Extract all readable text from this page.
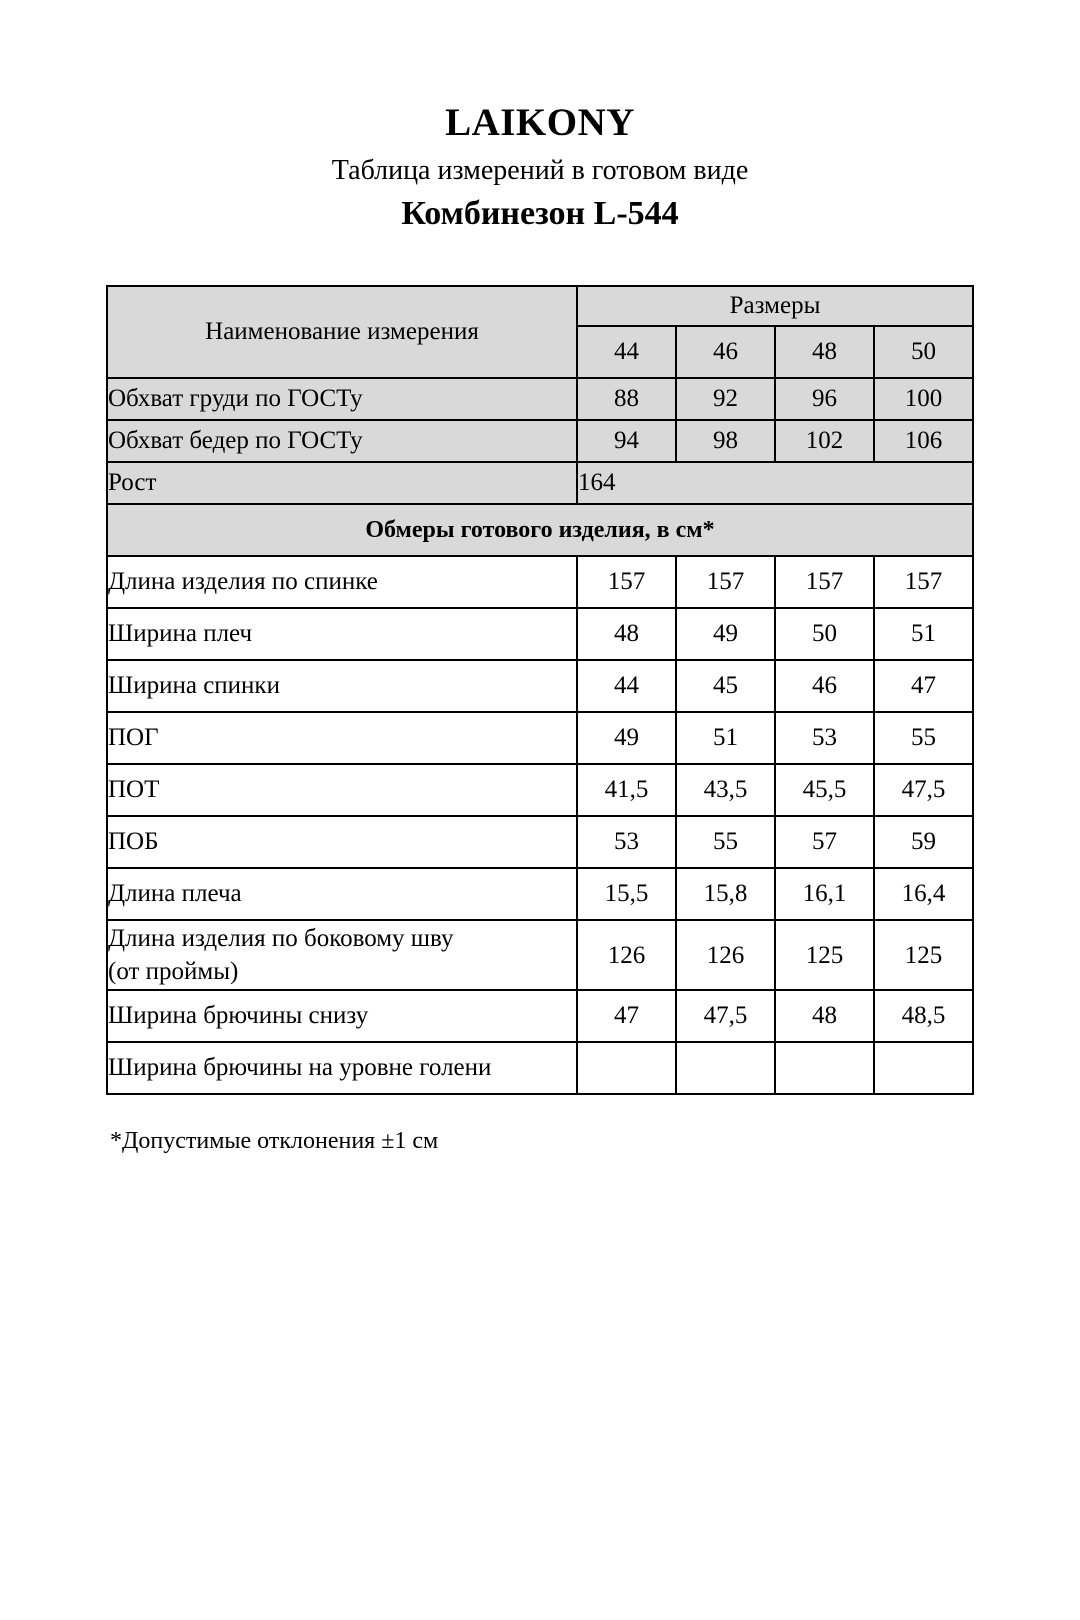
LAIKONY
Таблица измерений в готовом виде
Комбинезон L-544
Наименование измерения	Размеры			
	44	46	48	50
Обхват груди по ГОСТу	88	92	96	100
Обхват бедер по ГОСТу	94	98	102	106
Рост	164			
Обмеры готового изделия, в см*				
Длина изделия по спинке	157	157	157	157
Ширина плеч	48	49	50	51
Ширина спинки	44	45	46	47
ПОГ	49	51	53	55
ПОТ	41,5	43,5	45,5	47,5
ПОБ	53	55	57	59
Длина плеча	15,5	15,8	16,1	16,4
Длина изделия по боковому шву
(от проймы)	126	126	125	125
Ширина брючины снизу	47	47,5	48	48,5
Ширина брючины на уровне голени				
*Допустимые отклонения ±1 см
